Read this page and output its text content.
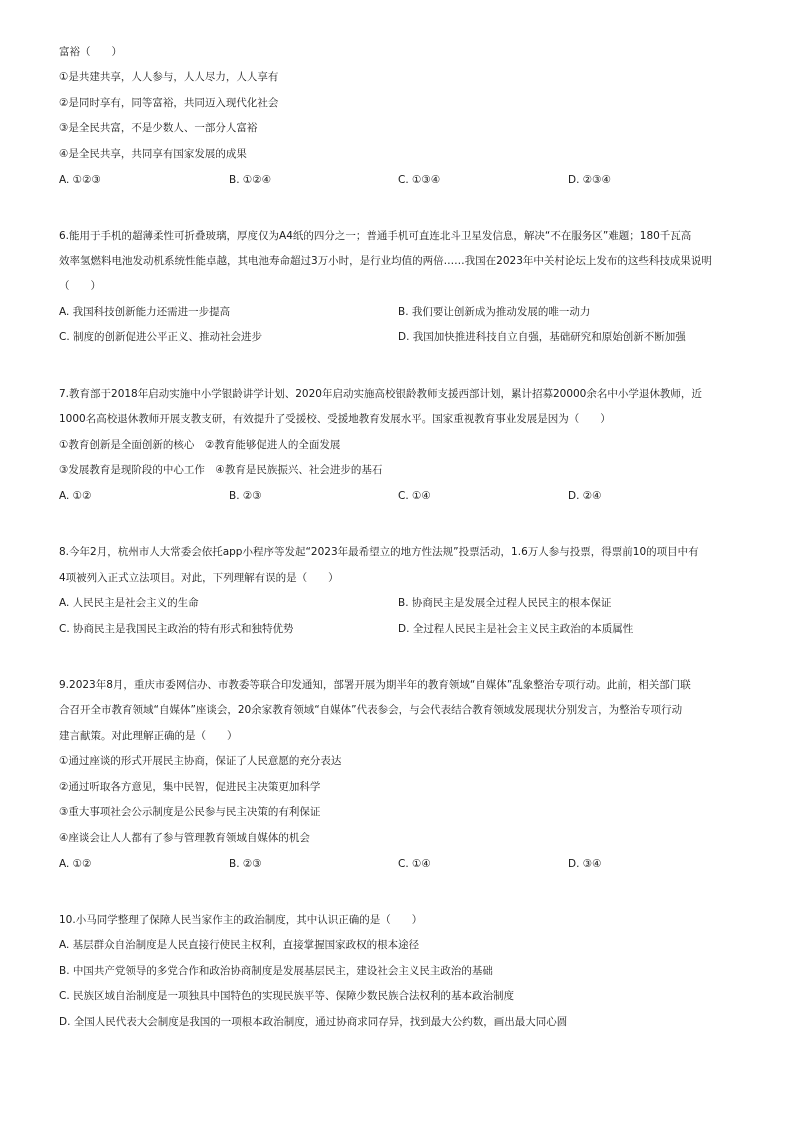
富裕（　　）
①是共建共享，人人参与，人人尽力，人人享有
②是同时享有，同等富裕，共同迈入现代化社会
③是全民共富，不是少数人、一部分人富裕
④是全民共享，共同享有国家发展的成果
A. ①②③	B. ①②④	C. ①③④	D. ②③④
6.能用于手机的超薄柔性可折叠玻璃，厚度仅为A4纸的四分之一；普通手机可直连北斗卫星发信息，解决“不在服务区”难题；180千瓦高
效率氢燃料电池发动机系统性能卓越，其电池寿命超过3万小时，是行业均值的两倍……我国在2023年中关村论坛上发布的这些科技成果说明
（　　）
A. 我国科技创新能力还需进一步提高	B. 我们要让创新成为推动发展的唯一动力
C. 制度的创新促进公平正义、推动社会进步	D. 我国加快推进科技自立自强，基础研究和原始创新不断加强
7.教育部于2018年启动实施中小学银龄讲学计划、2020年启动实施高校银龄教师支援西部计划，累计招募20000余名中小学退休教师，近
1000名高校退休教师开展支教支研，有效提升了受援校、受援地教育发展水平。国家重视教育事业发展是因为（　　）
①教育创新是全面创新的核心　②教育能够促进人的全面发展
③发展教育是现阶段的中心工作　④教育是民族振兴、社会进步的基石
A. ①②	B. ②③	C. ①④	D. ②④
8.今年2月，杭州市人大常委会依托app小程序等发起“2023年最希望立的地方性法规”投票活动，1.6万人参与投票，得票前10的项目中有
4项被列入正式立法项目。对此，下列理解有误的是（　　）
A. 人民民主是社会主义的生命	B. 协商民主是发展全过程人民民主的根本保证
C. 协商民主是我国民主政治的特有形式和独特优势	D. 全过程人民民主是社会主义民主政治的本质属性
9.2023年8月，重庆市委网信办、市教委等联合印发通知，部署开展为期半年的教育领域“自媒体”乱象整治专项行动。此前，相关部门联
合召开全市教育领域“自媒体”座谈会，20余家教育领域“自媒体”代表参会，与会代表结合教育领域发展现状分别发言，为整治专项行动
建言献策。对此理解正确的是（　　）
①通过座谈的形式开展民主协商，保证了人民意愿的充分表达
②通过听取各方意见，集中民智，促进民主决策更加科学
③重大事项社会公示制度是公民参与民主决策的有利保证
④座谈会让人人都有了参与管理教育领域自媒体的机会
A. ①②	B. ②③	C. ①④	D. ③④
10.小马同学整理了保障人民当家作主的政治制度，其中认识正确的是（　　）
A. 基层群众自治制度是人民直接行使民主权利，直接掌握国家政权的根本途径
B. 中国共产党领导的多党合作和政治协商制度是发展基层民主，建设社会主义民主政治的基础
C. 民族区域自治制度是一项独具中国特色的实现民族平等、保障少数民族合法权利的基本政治制度
D. 全国人民代表大会制度是我国的一项根本政治制度，通过协商求同存异，找到最大公约数，画出最大同心圆
